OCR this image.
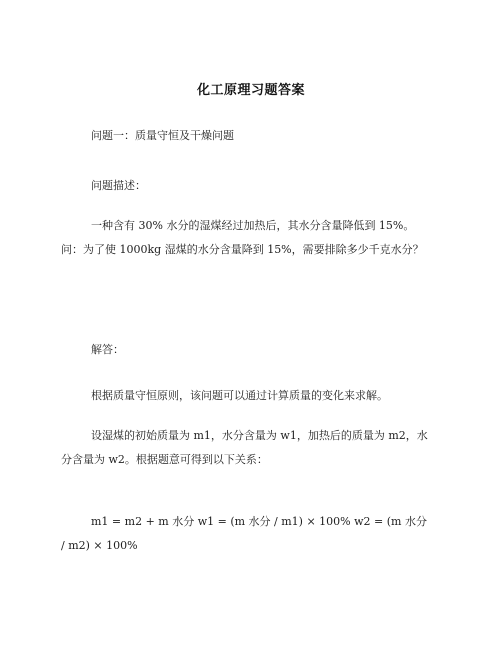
化工原理习题答案

问题一：质量守恒及干燥问题

问题描述：

一种含有 30% 水分的湿煤经过加热后，其水分含量降低到 15%。问：为了使 1000kg 湿煤的水分含量降到 15%，需要排除多少千克水分？

解答：

根据质量守恒原则，该问题可以通过计算质量的变化来求解。

设湿煤的初始质量为 m1，水分含量为 w1，加热后的质量为 m2，水分含量为 w2。根据题意可得到以下关系：

m1 = m2 + m 水分 w1 = (m 水分 / m1) × 100% w2 = (m 水分 / m2) × 100%
